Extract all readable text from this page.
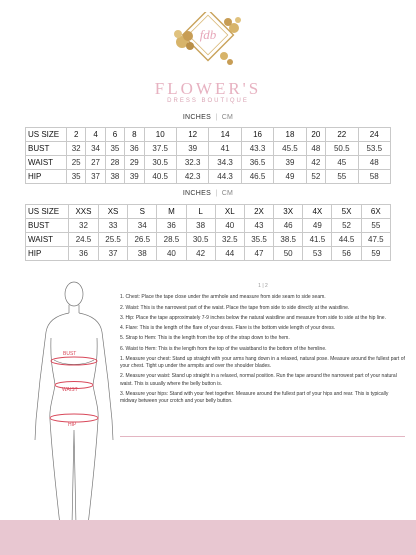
fdb
FLOWER'S
DRESS BOUTIQUE
INCHES | CM
US SIZE	2	4	6	8	10	12	14	16	18	20	22	24
BUST	32	34	35	36	37.5	39	41	43.3	45.5	48	50.5	53.5
WAIST	25	27	28	29	30.5	32.3	34.3	36.5	39	42	45	48
HIP	35	37	38	39	40.5	42.3	44.3	46.5	49	52	55	58
INCHES | CM
US SIZE	XXS	XS	S	M	L	XL	2X	3X	4X	5X	6X
BUST	32	33	34	36	38	40	43	46	49	52	55
WAIST	24.5	25.5	26.5	28.5	30.5	32.5	35.5	38.5	41.5	44.5	47.5
HIP	36	37	38	40	42	44	47	50	53	56	59
BUST
WAIST
HIP
1 | 2

1. Chest: Place the tape close under the armhole and measure from side seam to side seam.

2. Waist: This is the narrowest part of the waist. Place the tape from side to side directly at the waistline.

3. Hip: Place the tape approximately 7-9 inches below the natural waistline and measure from side to side at the hip line.

4. Flare: This is the length of the flare of your dress. Flare is the bottom wide length of your dress.

5. Strap to Hem: This is the length from the top of the strap down to the hem.

6. Waist to Hem: This is the length from the top of the waistband to the bottom of the hemline.

1. Measure your chest: Stand up straight with your arms hang down in a relaxed, natural pose. Measure around the fullest part of your chest. Tight up under the armpits and over the shoulder blades.

2. Measure your waist: Stand up straight in a relaxed, normal position. Run the tape around the narrowest part of your natural waist. This is usually where the belly button is.

3. Measure your hips: Stand with your feet together. Measure around the fullest part of your hips and rear. This is typically midway between your crotch and your belly button.
